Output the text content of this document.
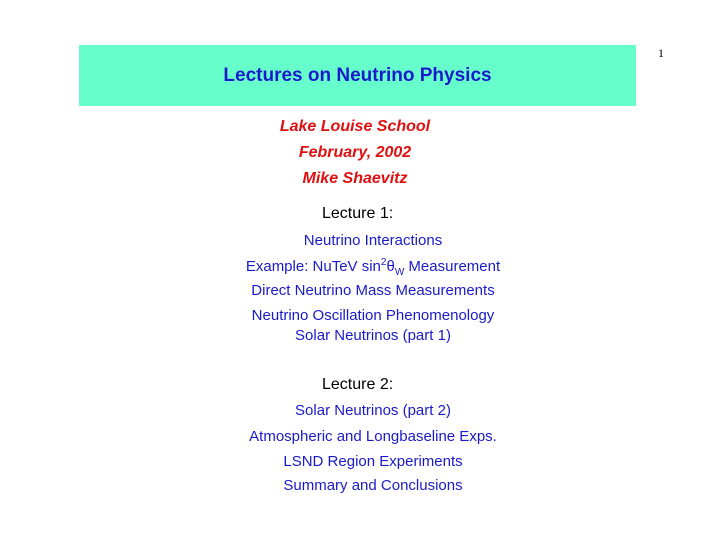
1
Lectures on Neutrino Physics
Lake Louise School
February, 2002
Mike Shaevitz
Lecture 1:
Neutrino Interactions
Example: NuTeV $\sin^2\theta_W$ Measurement
Direct Neutrino Mass Measurements
Neutrino Oscillation Phenomenology
Solar Neutrinos (part 1)
Lecture 2:
Solar Neutrinos (part 2)
Atmospheric and Longbaseline Exps.
LSND Region Experiments
Summary and Conclusions
